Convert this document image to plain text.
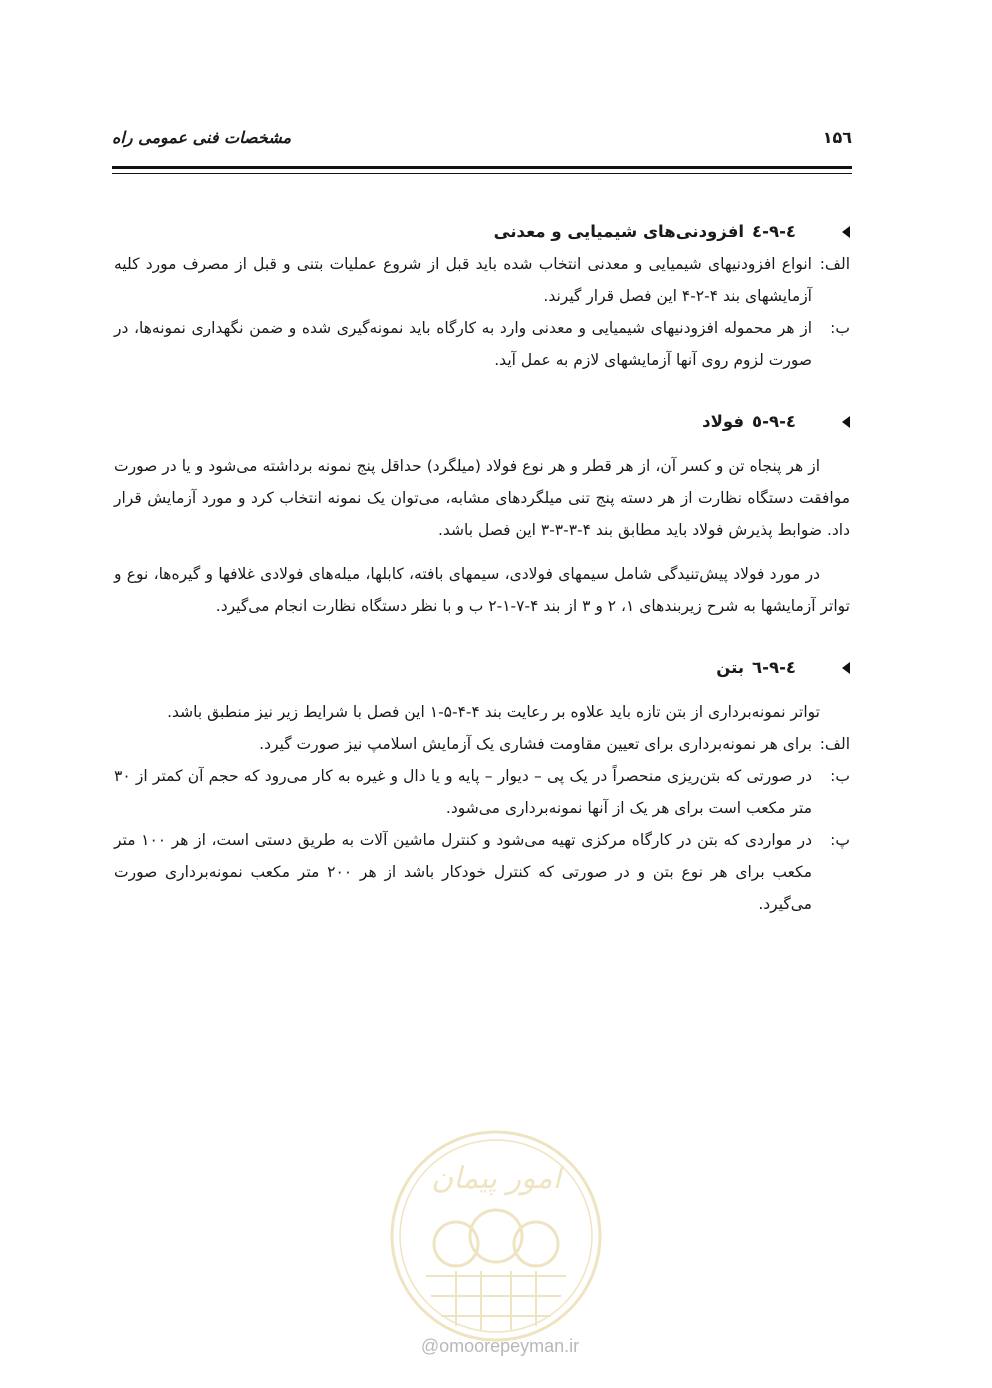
۱۵٦
مشخصات فنی عمومی راه
٤-٩-٤
افزودنی‌های شیمیایی و معدنی
الف:

انواع افزودنیهای شیمیایی و معدنی انتخاب شده باید قبل از شروع عملیات بتنی و قبل از مصرف مورد کلیه آزمایشهای بند ۴-۲-۴ این فصل قرار گیرند.

ب:

از هر محموله افزودنیهای شیمیایی و معدنی وارد به کارگاه باید نمونه‌گیری شده و ضمن نگهداری نمونه‌ها، در صورت لزوم روی آنها آزمایشهای لازم به عمل آید.

٤-٩-٥
فولاد

از هر پنجاه تن و کسر آن، از هر قطر و هر نوع فولاد (میلگرد) حداقل پنج نمونه برداشته می‌شود و یا در صورت موافقت دستگاه نظارت از هر دسته پنج تنی میلگردهای مشابه، می‌توان یک نمونه انتخاب کرد و مورد آزمایش قرار داد. ضوابط پذیرش فولاد باید مطابق بند ۴-۳-۳-۳ این فصل باشد.

در مورد فولاد پیش‌تنیدگی شامل سیمهای فولادی، سیمهای بافته، کابلها، میله‌های فولادی غلافها و گیره‌ها، نوع و تواتر آزمایشها به شرح زیربندهای ۱، ۲ و ۳ از بند ۴-۷-۱-۲ ب و با نظر دستگاه نظارت انجام می‌گیرد.

٤-٩-٦
بتن

تواتر نمونه‌برداری از بتن تازه باید علاوه بر رعایت بند ۴-۴-۵-۱ این فصل با شرایط زیر نیز منطبق باشد.

الف:

برای هر نمونه‌برداری برای تعیین مقاومت فشاری یک آزمایش اسلامپ نیز صورت گیرد.

ب:

در صورتی که بتن‌ریزی منحصراً در یک پی – دیوار – پایه و یا دال و غیره به کار می‌رود که حجم آن کمتر از ۳۰ متر مکعب است برای هر یک از آنها نمونه‌برداری می‌شود.

پ:

در مواردی که بتن در کارگاه مرکزی تهیه می‌شود و کنترل ماشین آلات به طریق دستی است، از هر ۱۰۰ متر مکعب برای هر نوع بتن و در صورتی که کنترل خودکار باشد از هر ۲۰۰ متر مکعب نمونه‌برداری صورت می‌گیرد.

امور پیمان
@omoorepeyman.ir
